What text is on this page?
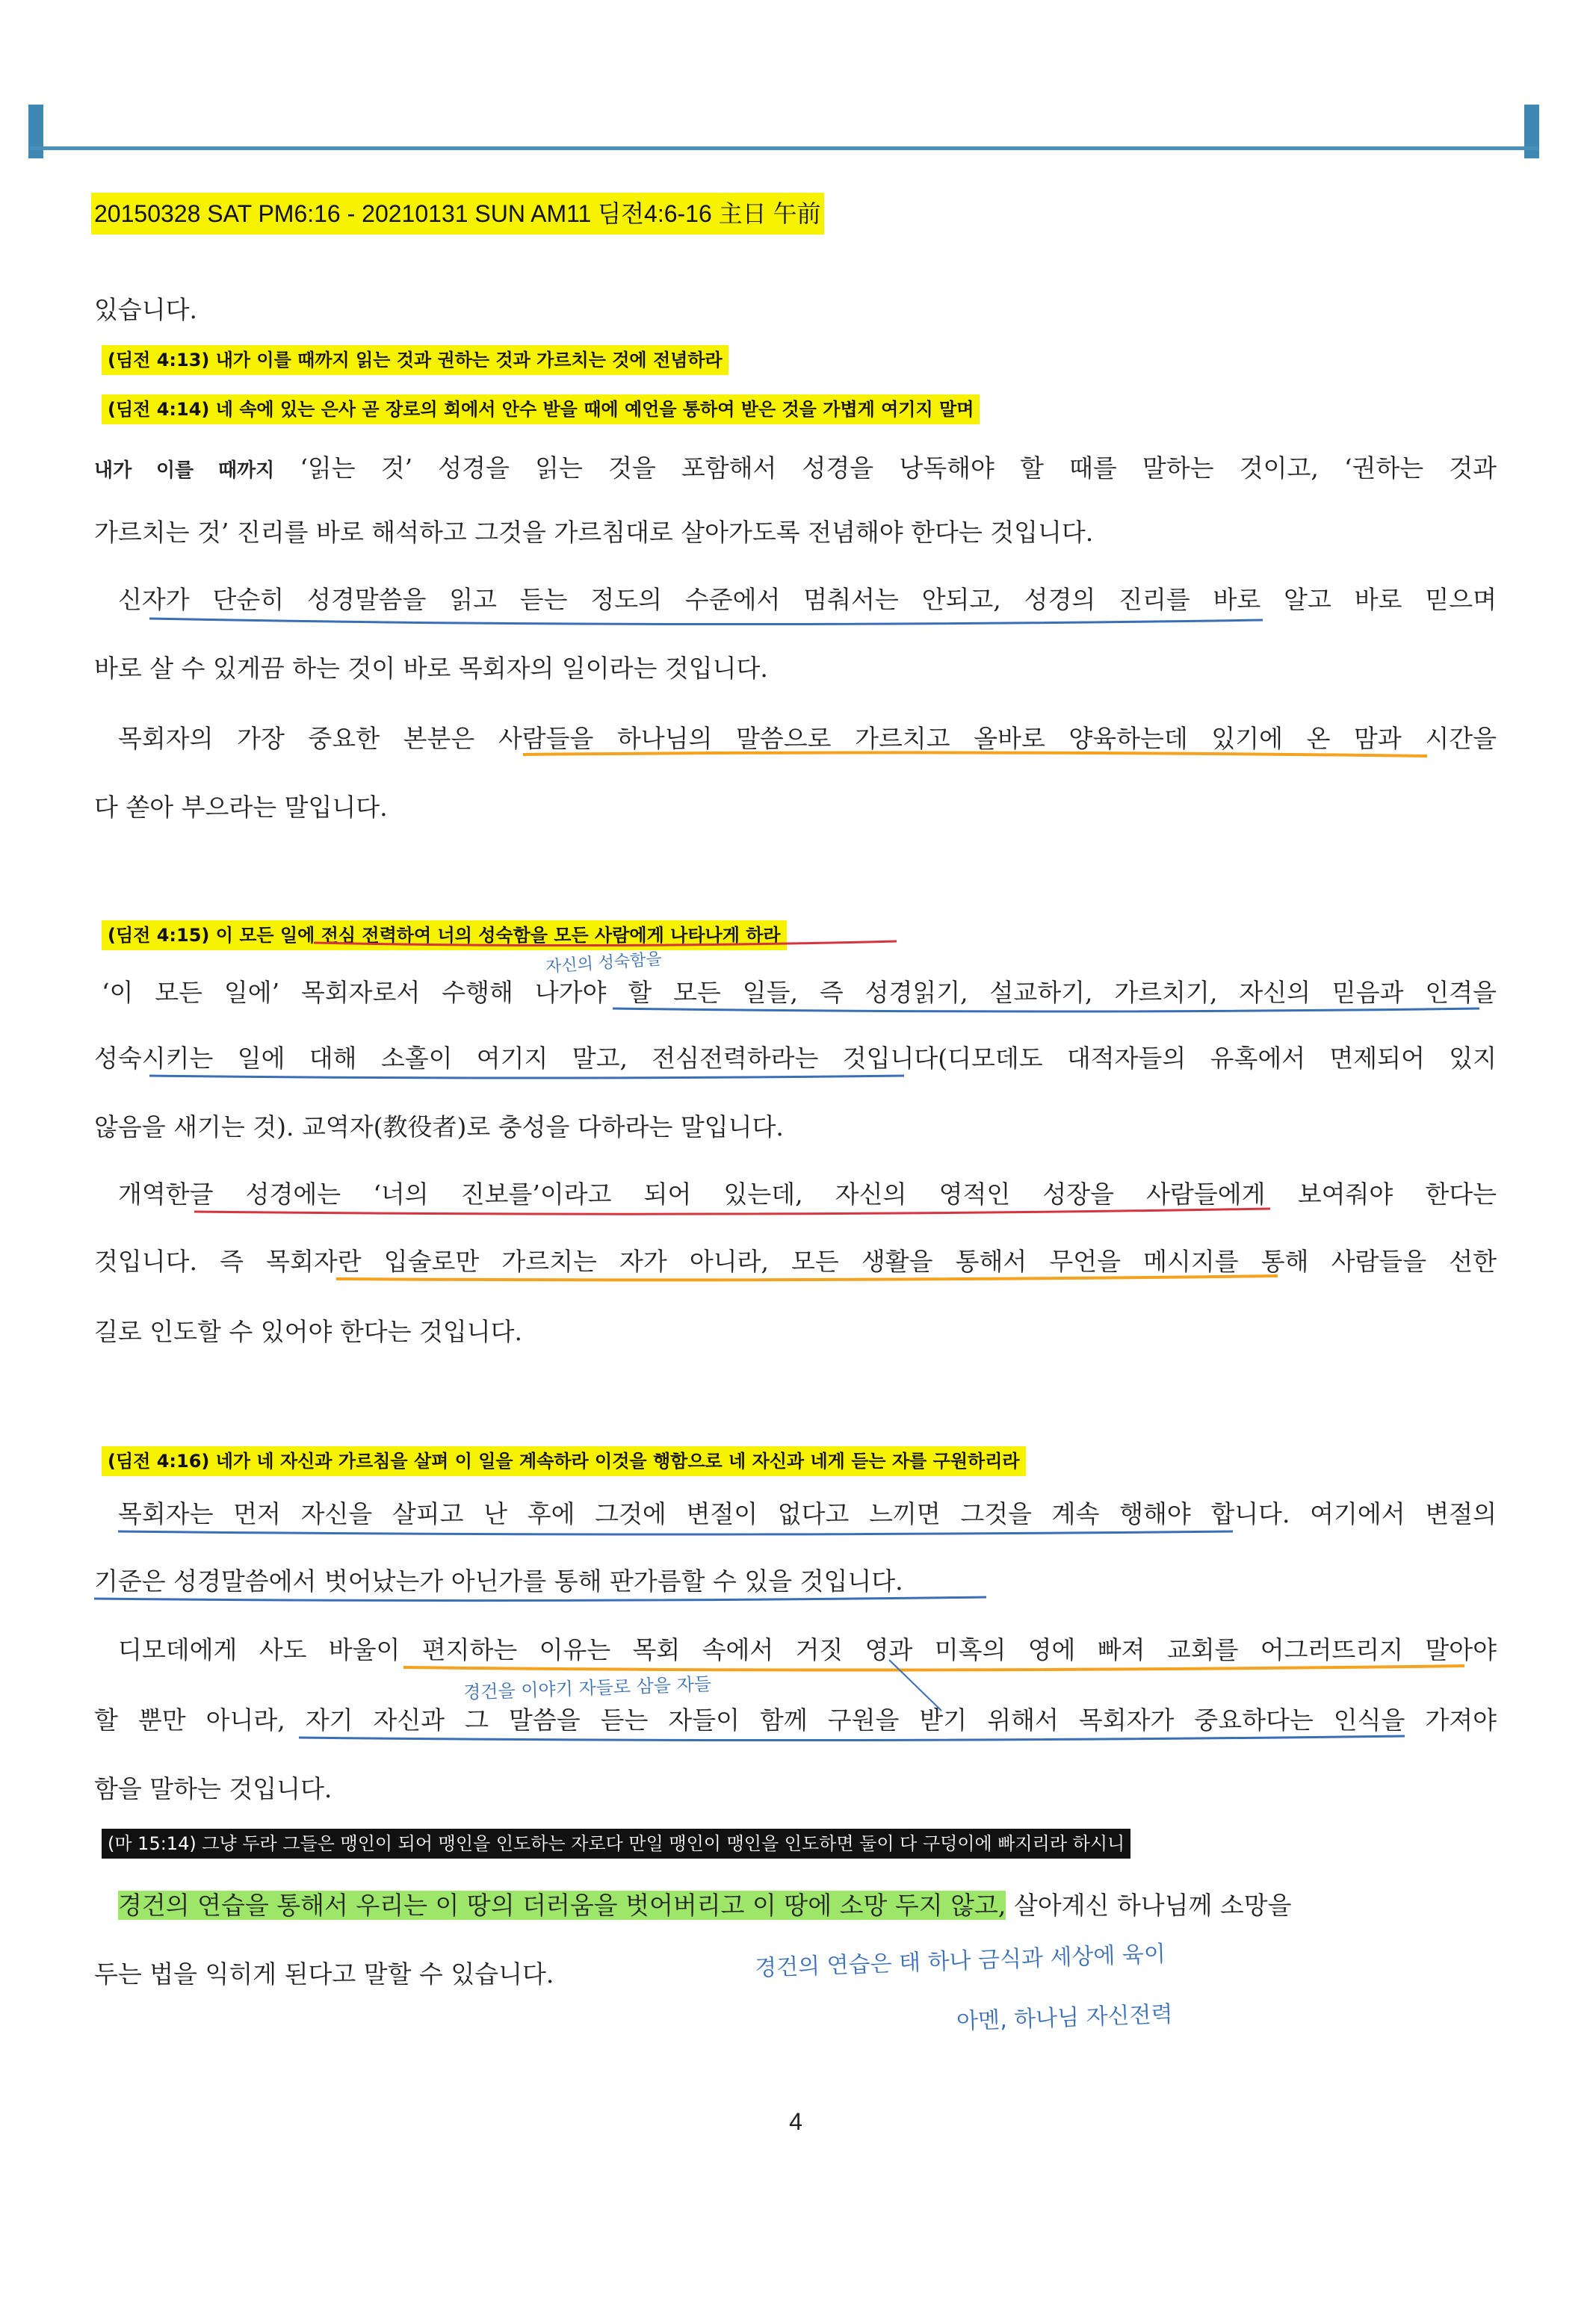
20150328 SAT PM6:16 - 20210131 SUN AM11 딤전4:6-16 主日 午前
있습니다.
(딤전 4:13) 내가 이를 때까지 읽는 것과 권하는 것과 가르치는 것에 전념하라
(딤전 4:14) 네 속에 있는 은사 곧 장로의 회에서 안수 받을 때에 예언을 통하여 받은 것을 가볍게 여기지 말며
내가 이를 때까지 ‘읽는 것’ 성경을 읽는 것을 포함해서 성경을 낭독해야 할 때를 말하는 것이고, ‘권하는 것과
가르치는 것’ 진리를 바로 해석하고 그것을 가르침대로 살아가도록 전념해야 한다는 것입니다.
신자가 단순히 성경말씀을 읽고 듣는 정도의 수준에서 멈춰서는 안되고, 성경의 진리를 바로 알고 바로 믿으며
바로 살 수 있게끔 하는 것이 바로 목회자의 일이라는 것입니다.
목회자의 가장 중요한 본분은 사람들을 하나님의 말씀으로 가르치고 올바로 양육하는데 있기에 온 맘과 시간을
다 쏟아 부으라는 말입니다.
(딤전 4:15) 이 모든 일에 전심 전력하여 너의 성숙함을 모든 사람에게 나타나게 하라
‘이 모든 일에’ 목회자로서 수행해 나가야 할 모든 일들, 즉 성경읽기, 설교하기, 가르치기, 자신의 믿음과 인격을
성숙시키는 일에 대해 소홀이 여기지 말고, 전심전력하라는 것입니다(디모데도 대적자들의 유혹에서 면제되어 있지
않음을 새기는 것). 교역자(教役者)로 충성을 다하라는 말입니다.
개역한글 성경에는 ‘너의 진보를’이라고 되어 있는데, 자신의 영적인 성장을 사람들에게 보여줘야 한다는
것입니다. 즉 목회자란 입술로만 가르치는 자가 아니라, 모든 생활을 통해서 무언을 메시지를 통해 사람들을 선한
길로 인도할 수 있어야 한다는 것입니다.
(딤전 4:16) 네가 네 자신과 가르침을 살펴 이 일을 계속하라 이것을 행함으로 네 자신과 네게 듣는 자를 구원하리라
목회자는 먼저 자신을 살피고 난 후에 그것에 변절이 없다고 느끼면 그것을 계속 행해야 합니다. 여기에서 변절의
기준은 성경말씀에서 벗어났는가 아닌가를 통해 판가름할 수 있을 것입니다.
디모데에게 사도 바울이 편지하는 이유는 목회 속에서 거짓 영과 미혹의 영에 빠져 교회를 어그러뜨리지 말아야
할 뿐만 아니라, 자기 자신과 그 말씀을 듣는 자들이 함께 구원을 받기 위해서 목회자가 중요하다는 인식을 가져야
함을 말하는 것입니다.
(마 15:14) 그냥 두라 그들은 맹인이 되어 맹인을 인도하는 자로다 만일 맹인이 맹인을 인도하면 둘이 다 구덩이에 빠지리라 하시니
경건의 연습을 통해서 우리는 이 땅의 더러움을 벗어버리고 이 땅에 소망 두지 않고, 살아계신 하나님께 소망을
두는 법을 익히게 된다고 말할 수 있습니다.
자신의 성숙함을
경건을 이야기 자들로 삼을 자들
경건의 연습은 태 하나 금식과 세상에 육이
아멘, 하나님 자신전력
4
